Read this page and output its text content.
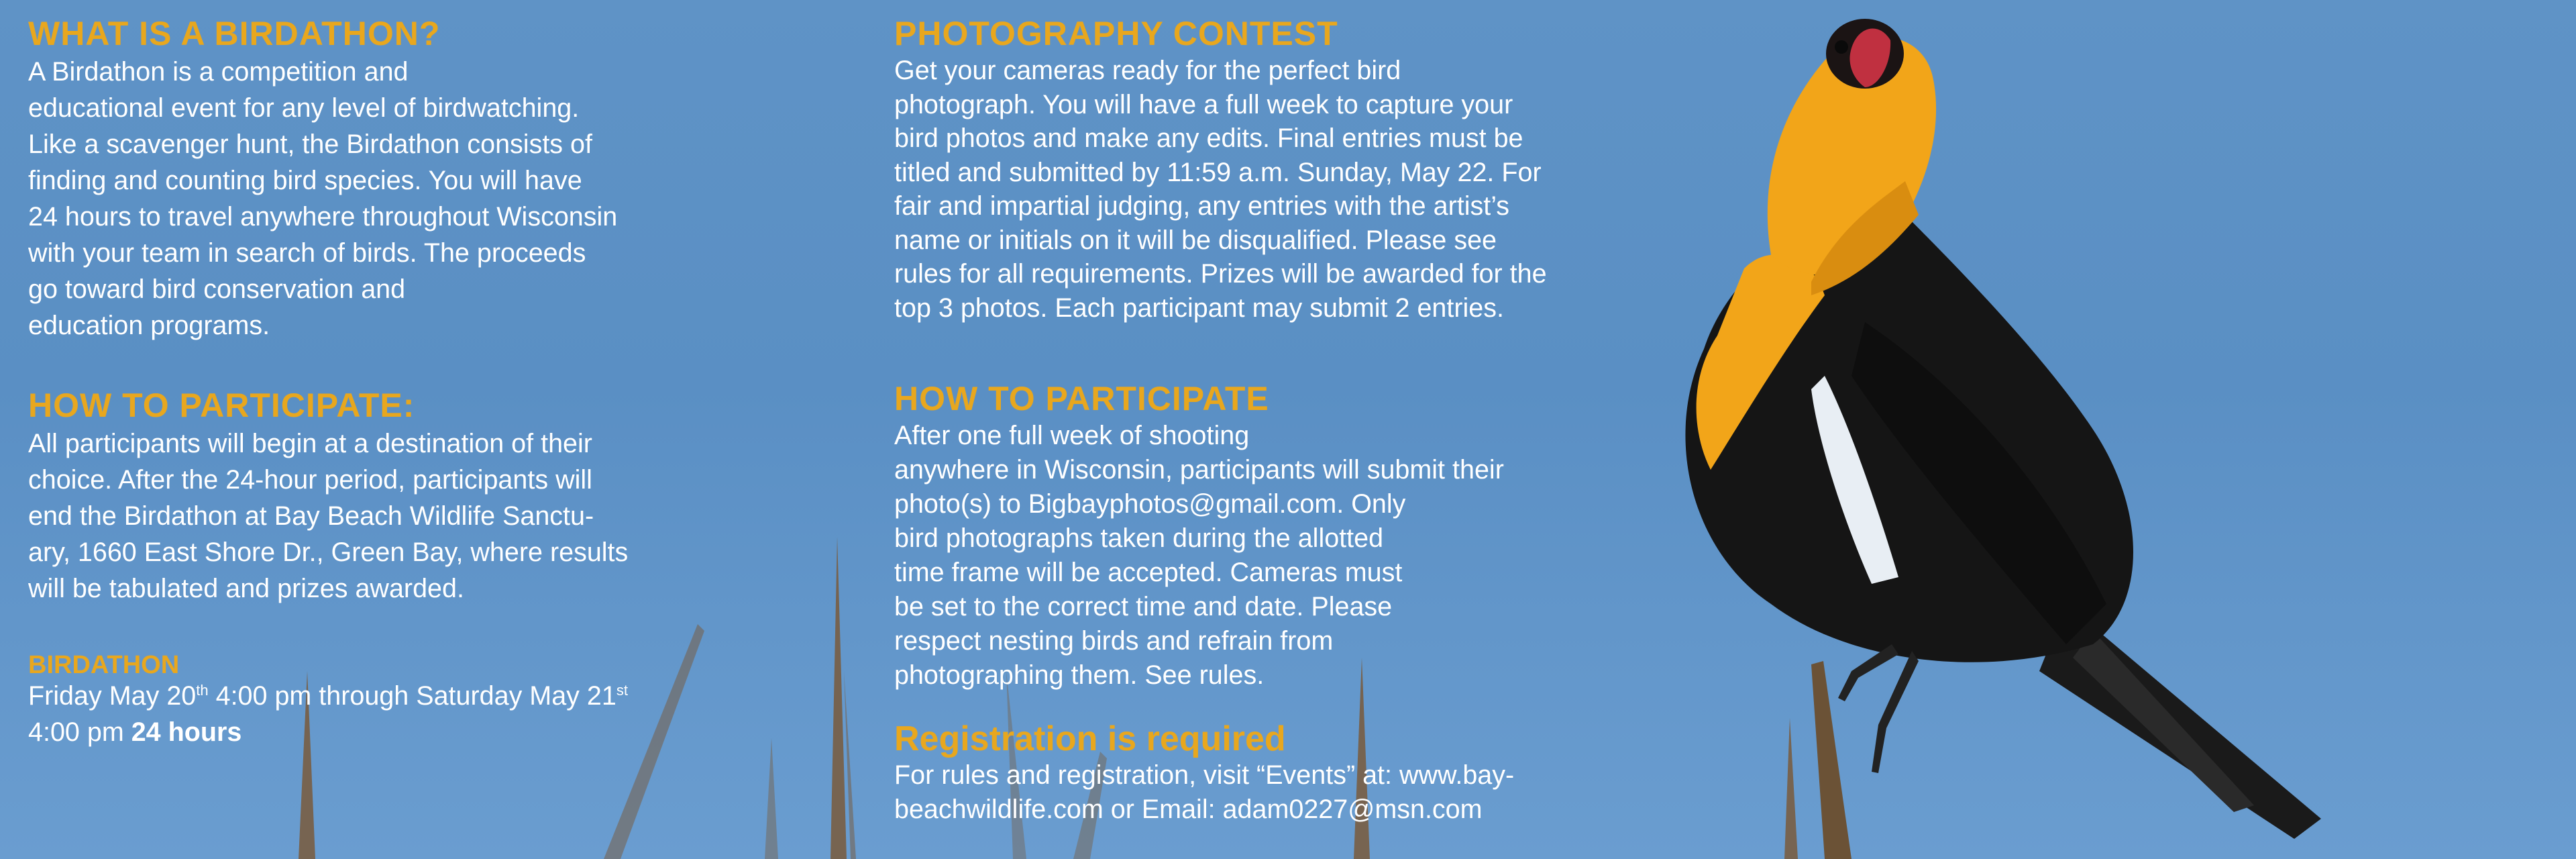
WHAT IS A BIRDATHON?

A Birdathon is a competition and
educational event for any level of birdwatching.
Like a scavenger hunt, the Birdathon consists of
finding and counting bird species. You will have
24 hours to travel anywhere throughout Wisconsin
with your team in search of birds. The proceeds
go toward bird conservation and
education programs.

HOW TO PARTICIPATE:

All participants will begin at a destination of their
choice. After the 24-hour period, participants will
end the Birdathon at Bay Beach Wildlife Sanctu-
ary, 1660 East Shore Dr., Green Bay, where results
will be tabulated and prizes awarded.

BIRDATHON

Friday May 20th 4:00 pm through Saturday May 21st
4:00 pm 24 hours

PHOTOGRAPHY CONTEST

Get your cameras ready for the perfect bird
photograph. You will have a full week to capture your
bird photos and make any edits. Final entries must be
titled and submitted by 11:59 a.m. Sunday, May 22. For
fair and impartial judging, any entries with the artist’s
name or initials on it will be disqualified. Please see
rules for all requirements. Prizes will be awarded for the
top 3 photos. Each participant may submit 2 entries.

HOW TO PARTICIPATE

After one full week of shooting
anywhere in Wisconsin, participants will submit their
photo(s) to Bigbayphotos@gmail.com. Only
bird photographs taken during the allotted
time frame will be accepted. Cameras must
be set to the correct time and date. Please
respect nesting birds and refrain from
photographing them. See rules.

Registration is required

For rules and registration, visit “Events” at: www.bay-
beachwildlife.com or Email: adam0227@msn.com
